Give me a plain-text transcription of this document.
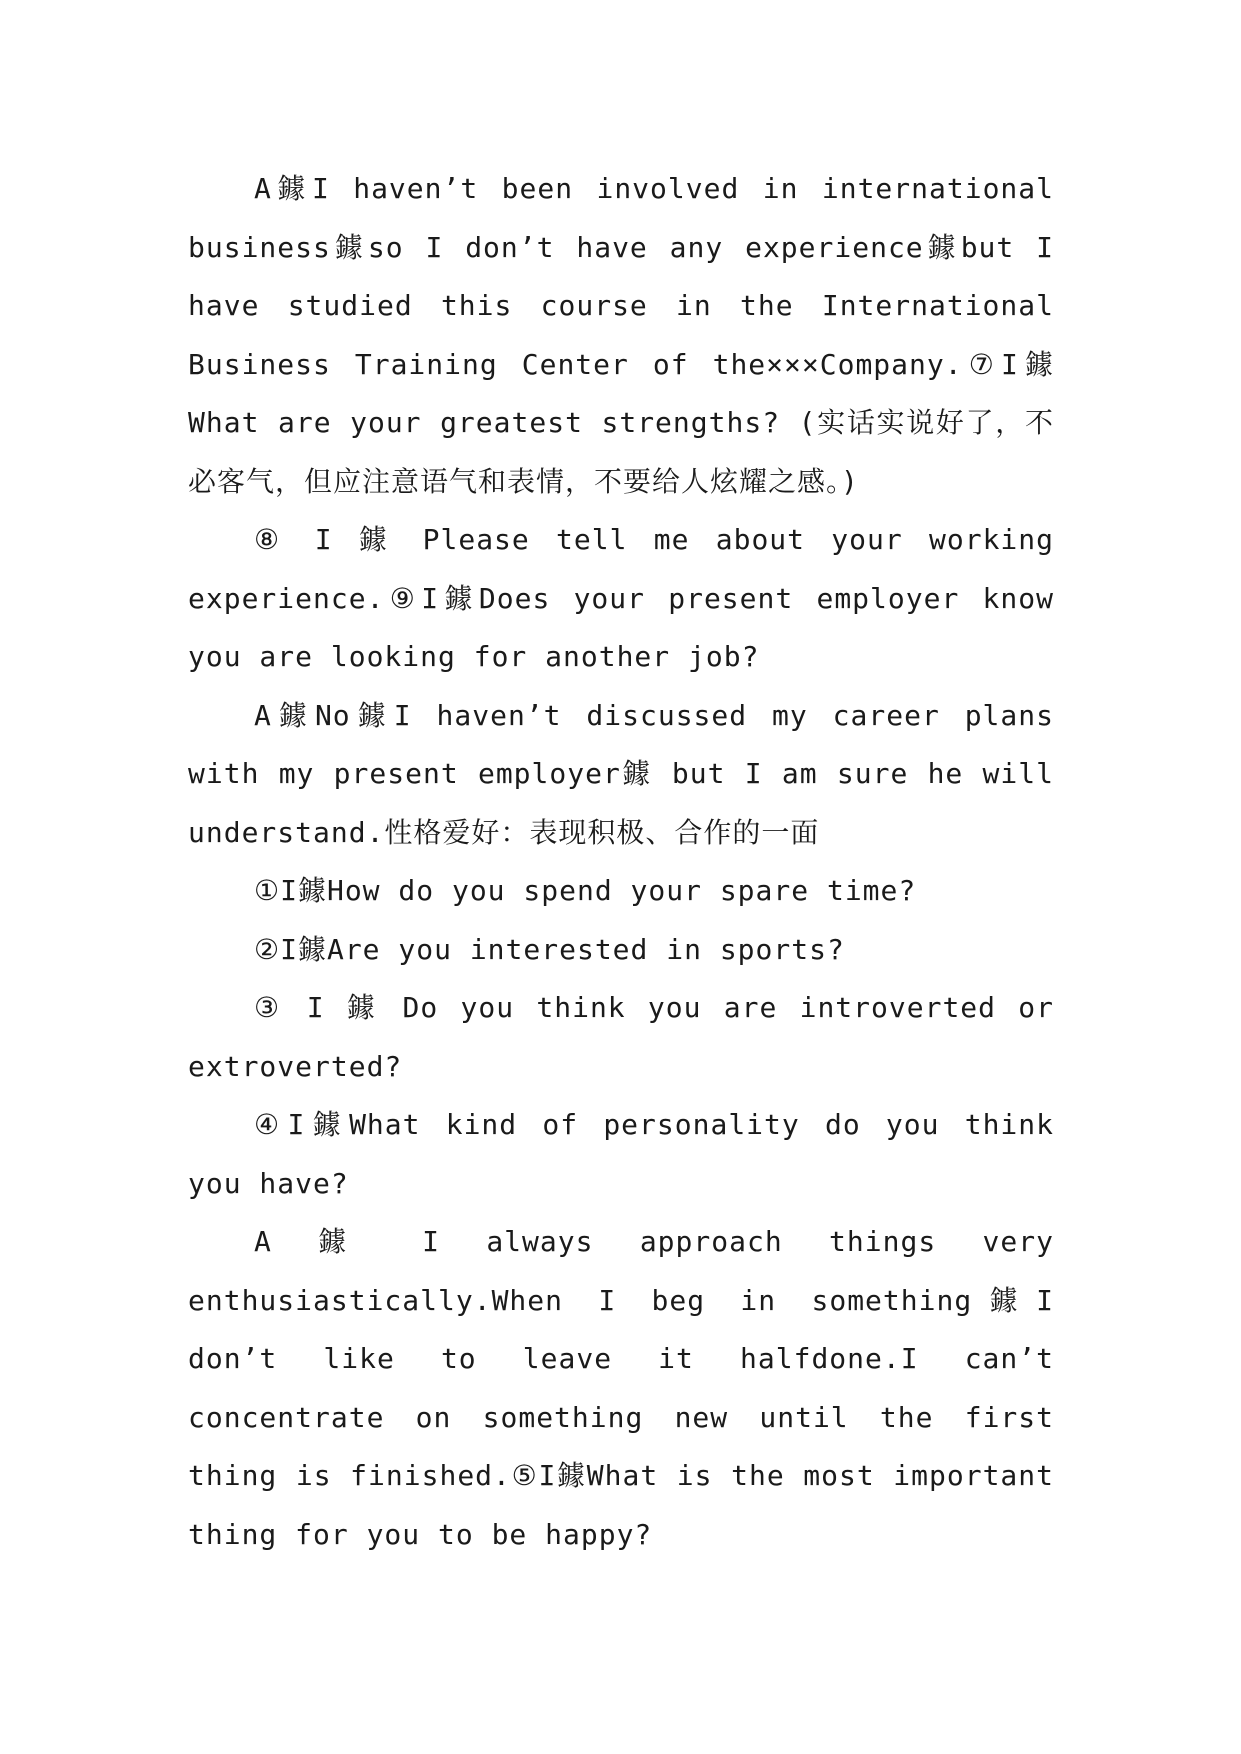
A鐻I haven’t been involved in international business鐻so I don’t have any experience鐻but I have studied this course in the International Business Training Center of the×××Company.⑦I鐻What are your greatest strengths? (实话实说好了，不必客气，但应注意语气和表情，不要给人炫耀之感。)

⑧ I 鐻 Please tell me about your working experience.⑨I鐻Does your present employer know you are looking for another job?

A鐻No鐻I haven’t discussed my career plans with my present employer鐻 but I am sure he will understand.性格爱好：表现积极、合作的一面

①I鐻How do you spend your spare time?

②I鐻Are you interested in sports?

③ I 鐻 Do you think you are introverted or extroverted?

④I鐻What kind of personality do you think you have?

A 鐻 I always approach things very enthusiastically.When I beg in something鐻I don’t like to leave it halfdone.I can’t concentrate on something new until the first thing is finished.⑤I鐻What is the most important thing for you to be happy?
